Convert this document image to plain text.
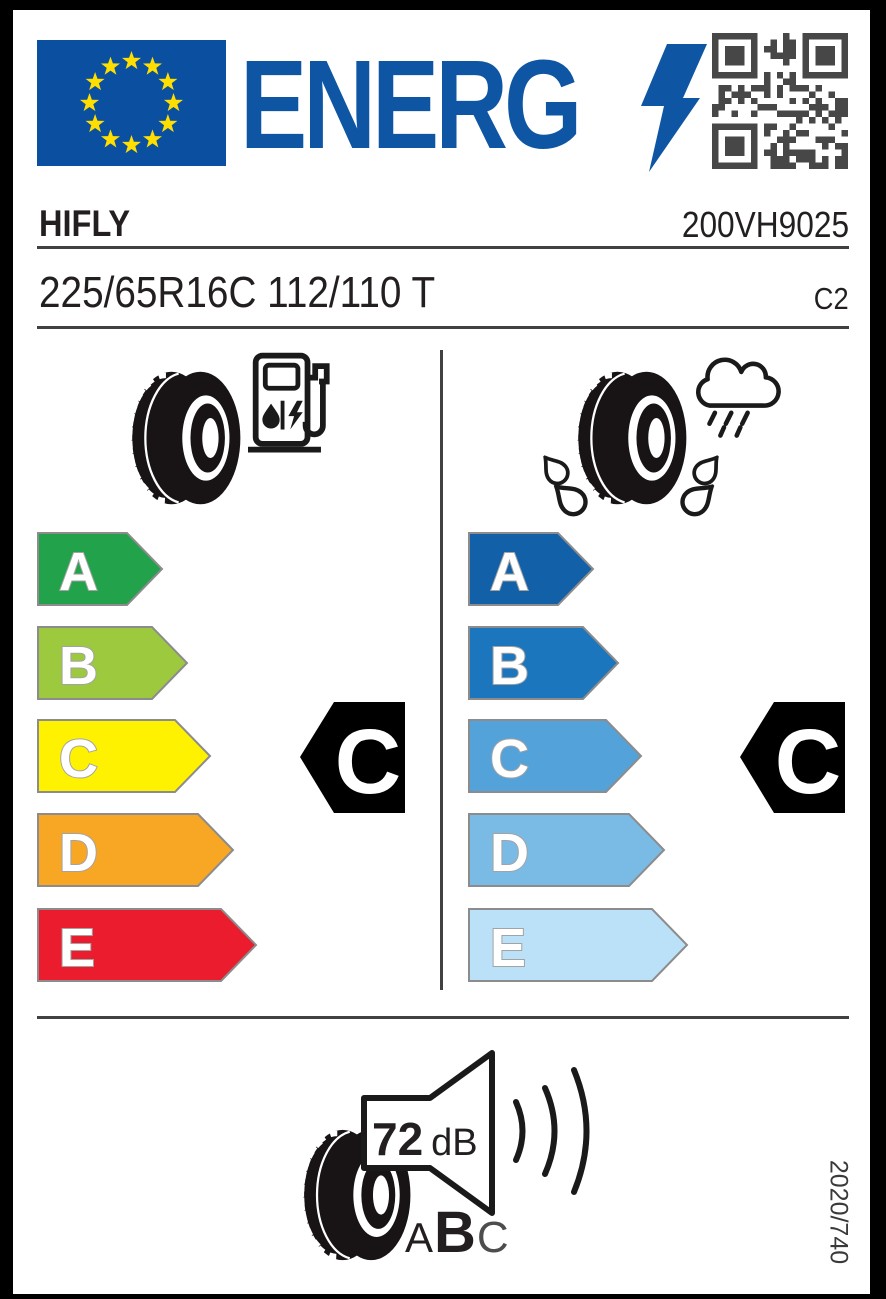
ENERG
HIFLY	200VH9025
225/65R16C 112/110 T	C2
A
B
C
D
E
A
B
C
D
E
C	C
72 dB
A B C	2020/740
